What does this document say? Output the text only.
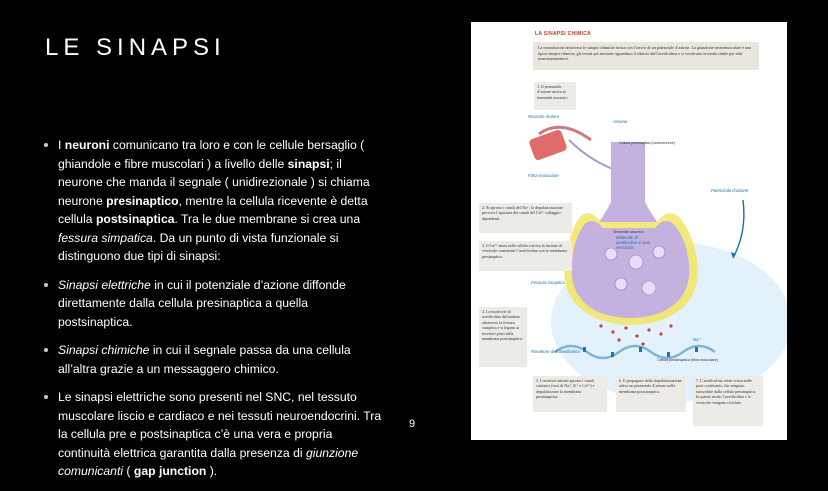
LE SINAPSI
I neuroni comunicano tra loro e con le cellule bersaglio ( ghiandole e fibre muscolari ) a livello delle sinapsi; il neurone che manda il segnale ( unidirezionale ) si chiama neurone presinaptico, mentre la cellula ricevente è detta cellula postsinaptica. Tra le due membrane si crea una fessura simpatica. Da un punto di vista funzionale si distinguono due tipi di sinapsi:
Sinapsi elettriche in cui il potenziale d’azione diffonde direttamente dalla cellula presinaptica a quella postsinaptica.
Sinapsi chimiche in cui il segnale passa da una cellula all’altra grazie a un messaggero chimico.
Le sinapsi elettriche sono presenti nel SNC, nel tessuto muscolare liscio e cardiaco e nei tessuti neuroendocrini. Tra la cellula pre e postsinaptica c’è una vera e propria continuità elettrica garantita dalla presenza di giunzione comunicanti ( gap junction ).
LA SINAPSI CHIMICA
La trasmissione attraverso le sinapsi chimiche inizia con l’arrivo di un potenziale d’azione. La giunzione neuromuscolare è una tipica sinapsi chimica; gli eventi qui mostrati riguardano il rilascio dell’acetilcolina e si verificano in modo simile per altri neurotrasmettitori.
1. Il potenziale d’azione arriva al terminale assonico.
2. Si aprono i canali del Na⁺; la depolarizzazione provoca l’apertura dei canali del Ca²⁺ voltaggio-dipendenti.
3. Il Ca²⁺ entra nella cellula e attiva la fusione di vescicole contenenti l’acetilcolina con la membrana presinaptica.
4. Le molecole di acetilcolina diffondono attraverso la fessura sinaptica e si legano ai recettori posti sulla membrana postsinaptica.
5. I recettori attivati aprono i canali cationici (così di Na⁺, K⁺ e Ca²⁺) e depolarizzano la membrana postsinaptica.
6. Il propagarsi della depolarizzazione attiva un potenziale d’azione nella membrana postsinaptica.
7. L’acetilcolina viene scissa nelle parti costituenti, che vengono riassorbite dalla cellula presinaptica. In questo modo l’acetilcolina e le vescicole vengono riciclate.
Neurone motore
Assone
Fibra muscolare
Cellula presinaptica (motoneurone)
Potenziale d’azione
Terminale assonico
Molecole di acetilcolina in una vescicola
Fessura sinaptica
Recettore dell’acetilcolina
Cellula postsinaptica (fibra muscolare)
Na⁺
9
